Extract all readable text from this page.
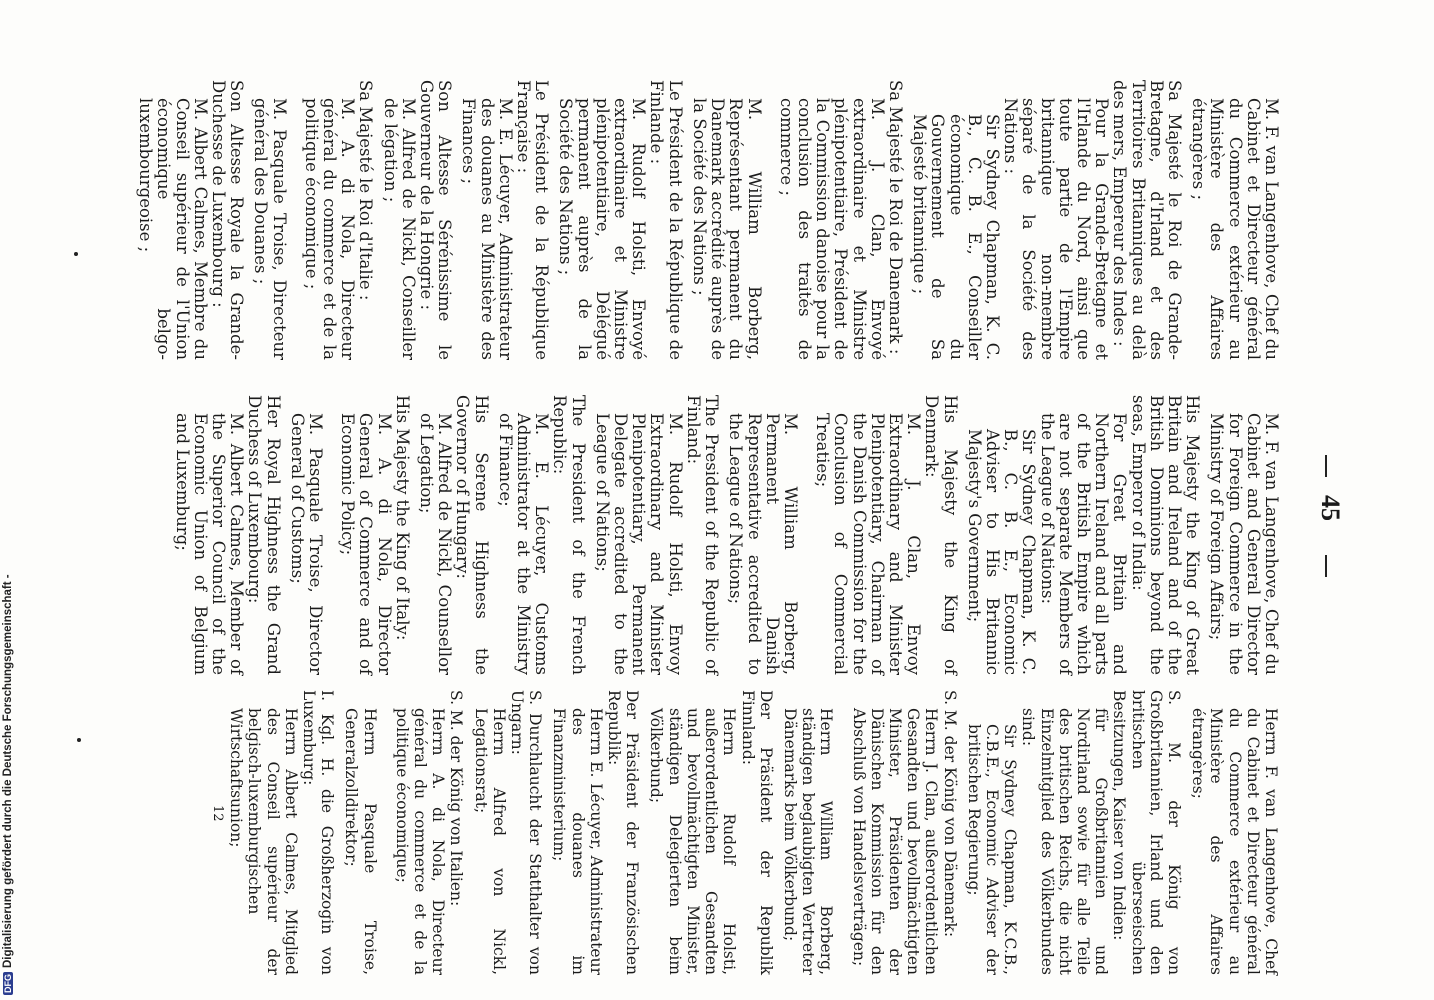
45

M. F. van Langenhove, Chef du Cabinet et Directeur général du Commerce extérieur au Ministère des Affaires étrangères ;

Sa Majesté le Roi de Grande-Bretagne, d'Irland et des Territoires Britanniques au delà des mers, Empereur des Indes :

Pour la Grande-Bretagne et l'Irlande du Nord, ainsi que toute partie de l'Empire britannique non-membre séparé de la Société des Nations :

Sir Sydney Chapman, K. C. B., C. B. E., Conseiller économique du Gouvernement de Sa Majesté britannique ;

Sa Majesté le Roi de Danemark :

M. J. Clan, Envoyé extraordinaire et Ministre plénipotentiaire, Président de la Commission danoise pour la conclusion des traités de commerce ;

M. William Borberg, Représentant permanent du Danemark accrédité auprès de la Société des Nations ;

Le Président de la République de Finlande :

M. Rudolf Holsti, Envoyé extraordinaire et Ministre plénipotentiaire, Délégué permanent auprès de la Société des Nations ;

Le Président de la République Française :

M. E. Lécuyer, Administrateur des douanes au Ministère des Finances ;

Son Altesse Sérénissime le Gouverneur de la Hongrie :

M. Alfred de Nickl, Conseiller de légation ;

Sa Majesté le Roi d'Italie :

M. A. di Nola, Directeur général du commerce et de la politique économique ;

M. Pasquale Troise, Directeur général des Douanes ;

Son Altesse Royale la Grande-Duchesse de Luxembourg :

M. Albert Calmes, Membre du Conseil supérieur de l'Union économique belgo-luxembourgeoise ;

M. F. van Langenhove, Chef du Cabinet and General Director for Foreign Commerce in the Ministry of Foreign Affairs;

His Majesty the King of Great Britain and Ireland and of the British Dominions beyond the seas, Emperor of India:

For Great Britain and Northern Ireland and all parts of the British Empire which are not separate Members of the League of Nations:

Sir Sydney Chapman, K. C. B., C. B. E., Economic Adviser to His Britannic Majesty's Government;

His Majesty the King of Denmark:

M. J. Clan, Envoy Extraordinary and Minister Plenipotentiary, Chairman of the Danish Commission for the Conclusion of Commercial Treaties;

M. William Borberg, Permanent Danish Representative accredited to the League of Nations;

The President of the Republic of Finland:

M. Rudolf Holsti, Envoy Extraordinary and Minister Plenipotentiary, Permanent Delegate accredited to the League of Nations;

The President of the French Republic:

M. E. Lécuyer, Customs Administrator at the Ministry of Finance;

His Serene Highness the Governor of Hungary:

M. Alfred de Nickl, Counsellor of Legation;

His Majesty the King of Italy:

M. A. di Nola, Director General of Commerce and of Economic Policy;

M. Pasquale Troise, Director General of Customs;

Her Royal Highness the Grand Duchess of Luxembourg:

M. Albert Calmes, Member of the Superior Council of the Economic Union of Belgium and Luxemburg;

Herrn F. van Langenhove, Chef du Cabinet et Directeur général du Commerce extérieur au Ministère des Affaires étrangères;

S. M. der König von Großbritannien, Irland und den britischen überseeischen Besitzungen, Kaiser von Indien:

für Großbritannien und Nordirland sowie für alle Teile des britischen Reichs, die nicht Einzelmitglied des Völkerbundes sind:

Sir Sydney Chapman, K.C.B., C.B.E., Economic Adviser der britischen Regierung;

S. M. der König von Dänemark:

Herrn J. Clan, außerordentlichen Gesandten und bevollmächtigten Minister, Präsidenten der Dänischen Kommission für den Abschluß von Handelsverträgen;

Herrn William Borberg, ständigen beglaubigten Vertreter Dänemarks beim Völkerbund;

Der Präsident der Republik Finnland:

Herrn Rudolf Holsti, außerordentlichen Gesandten und bevollmächtigten Minister, ständigen Delegierten beim Völkerbund;

Der Präsident der Französischen Republik:

Herrn E. Lécuyer, Administrateur des douanes im Finanzministerium;

S. Durchlaucht der Statthalter von Ungarn:

Herrn Alfred von Nickl, Legationsrat;

S. M. der König von Italien:

Herrn A. di Nola, Directeur général du commerce et de la politique économique;

Herrn Pasquale Troise, Generalzolldirektor;

I. Kgl. H. die Großherzogin von Luxemburg:

Herrn Albert Calmes, Mitglied des Conseil supérieur der belgisch-luxemburgischen Wirtschaftsunion;

12
DFGDigitalisierung gefördert durch die Deutsche Forschungsgemeinschaft -
